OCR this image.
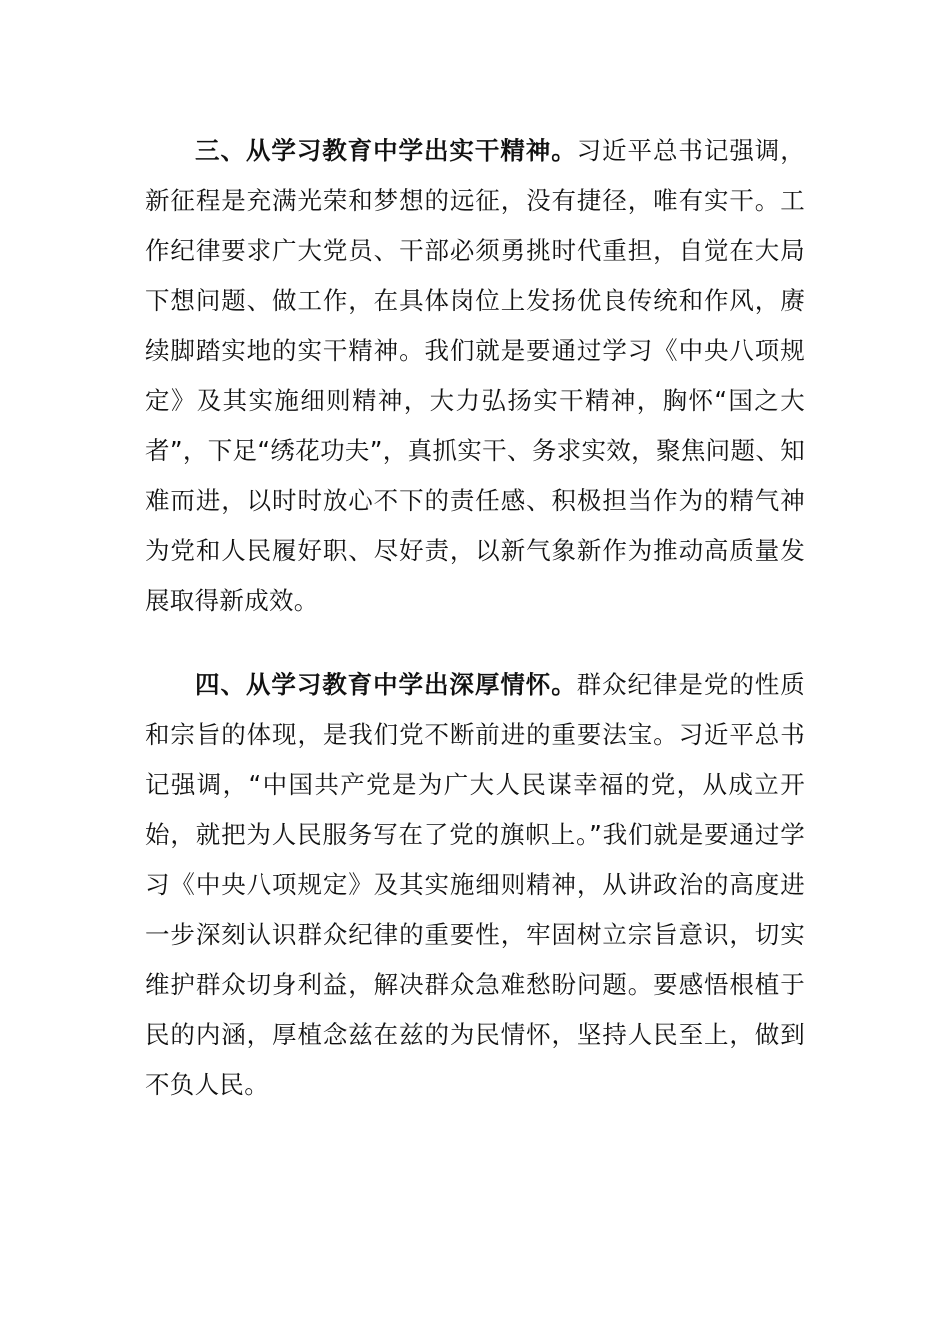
三、从学习教育中学出实干精神。习近平总书记强调，新征程是充满光荣和梦想的远征，没有捷径，唯有实干。工作纪律要求广大党员、干部必须勇挑时代重担，自觉在大局下想问题、做工作，在具体岗位上发扬优良传统和作风，赓续脚踏实地的实干精神。我们就是要通过学习《中央八项规定》及其实施细则精神，大力弘扬实干精神，胸怀“国之大者”，下足“绣花功夫”，真抓实干、务求实效，聚焦问题、知难而进，以时时放心不下的责任感、积极担当作为的精气神为党和人民履好职、尽好责，以新气象新作为推动高质量发展取得新成效。

四、从学习教育中学出深厚情怀。群众纪律是党的性质和宗旨的体现，是我们党不断前进的重要法宝。习近平总书记强调，“中国共产党是为广大人民谋幸福的党，从成立开始，就把为人民服务写在了党的旗帜上。”我们就是要通过学习《中央八项规定》及其实施细则精神，从讲政治的高度进一步深刻认识群众纪律的重要性，牢固树立宗旨意识，切实维护群众切身利益，解决群众急难愁盼问题。要感悟根植于民的内涵，厚植念兹在兹的为民情怀，坚持人民至上，做到不负人民。
